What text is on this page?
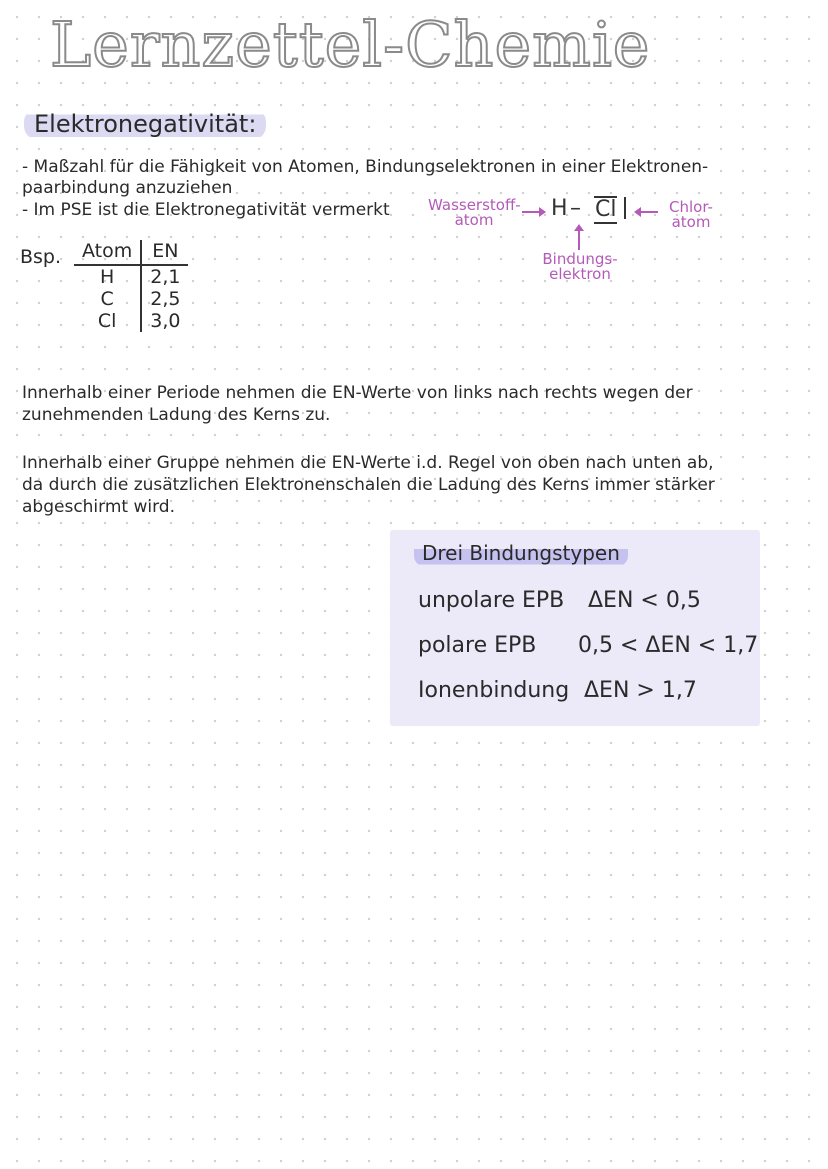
Lernzettel-Chemie
Elektronegativität:
- Maßzahl für die Fähigkeit von Atomen, Bindungselektronen in einer Elektronen-
paarbindung anzuziehen
- Im PSE ist die Elektronegativität vermerkt
Bsp. Atom	EN
H	2,1
C	2,5
Cl	3,0
Wasserstoff-
atom	H – Cl	Chlor-
atom
Bindungs-
elektron
Innerhalb einer Periode nehmen die EN-Werte von links nach rechts wegen der
zunehmenden Ladung des Kerns zu.
Innerhalb einer Gruppe nehmen die EN-Werte i.d. Regel von oben nach unten ab,
da durch die zusätzlichen Elektronenschalen die Ladung des Kerns immer stärker
abgeschirmt wird.
Drei Bindungstypen
unpolare EPB ΔEN < 0,5
polare EPB 0,5 < ΔEN < 1,7
Ionenbindung ΔEN > 1,7
